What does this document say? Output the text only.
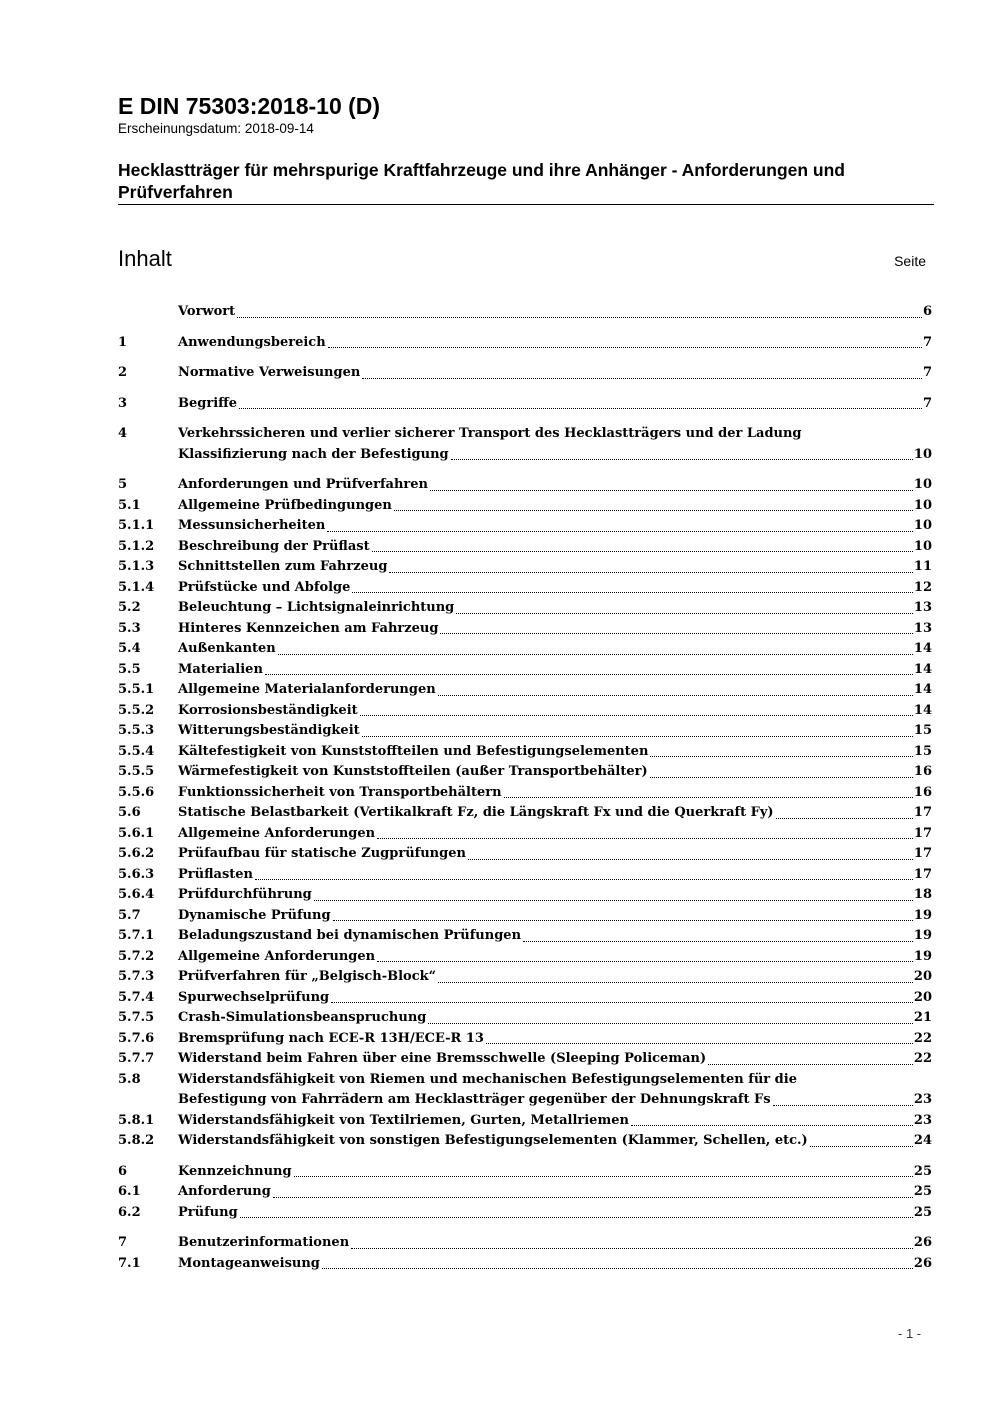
E DIN 75303:2018-10 (D)
Erscheinungsdatum: 2018-09-14
Hecklastträger für mehrspurige Kraftfahrzeuge und ihre Anhänger - Anforderungen und Prüfverfahren
Inhalt	Seite
Vorwort	6
1	Anwendungsbereich	7
2	Normative Verweisungen	7
3	Begriffe	7
4	Verkehrssicheren und verlier sicherer Transport des Hecklastträgers und der Ladung
Klassifizierung nach der Befestigung	10
5	Anforderungen und Prüfverfahren	10
5.1	Allgemeine Prüfbedingungen	10
5.1.1	Messunsicherheiten	10
5.1.2	Beschreibung der Prüflast	10
5.1.3	Schnittstellen zum Fahrzeug	11
5.1.4	Prüfstücke und Abfolge	12
5.2	Beleuchtung – Lichtsignaleinrichtung	13
5.3	Hinteres Kennzeichen am Fahrzeug	13
5.4	Außenkanten	14
5.5	Materialien	14
5.5.1	Allgemeine Materialanforderungen	14
5.5.2	Korrosionsbeständigkeit	14
5.5.3	Witterungsbeständigkeit	15
5.5.4	Kältefestigkeit von Kunststoffteilen und Befestigungselementen	15
5.5.5	Wärmefestigkeit von Kunststoffteilen (außer Transportbehälter)	16
5.5.6	Funktionssicherheit von Transportbehältern	16
5.6	Statische Belastbarkeit (Vertikalkraft Fz, die Längskraft Fx und die Querkraft Fy)	17
5.6.1	Allgemeine Anforderungen	17
5.6.2	Prüfaufbau für statische Zugprüfungen	17
5.6.3	Prüflasten	17
5.6.4	Prüfdurchführung	18
5.7	Dynamische Prüfung	19
5.7.1	Beladungszustand bei dynamischen Prüfungen	19
5.7.2	Allgemeine Anforderungen	19
5.7.3	Prüfverfahren für „Belgisch-Block“	20
5.7.4	Spurwechselprüfung	20
5.7.5	Crash-Simulationsbeanspruchung	21
5.7.6	Bremsprüfung nach ECE-R 13H/ECE-R 13	22
5.7.7	Widerstand beim Fahren über eine Bremsschwelle (Sleeping Policeman)	22
5.8	Widerstandsfähigkeit von Riemen und mechanischen Befestigungselementen für die
Befestigung von Fahrrädern am Hecklastträger gegenüber der Dehnungskraft Fs	23
5.8.1	Widerstandsfähigkeit von Textilriemen, Gurten, Metallriemen	23
5.8.2	Widerstandsfähigkeit von sonstigen Befestigungselementen (Klammer, Schellen, etc.)	24
6	Kennzeichnung	25
6.1	Anforderung	25
6.2	Prüfung	25
7	Benutzerinformationen	26
7.1	Montageanweisung	26
- 1 -
